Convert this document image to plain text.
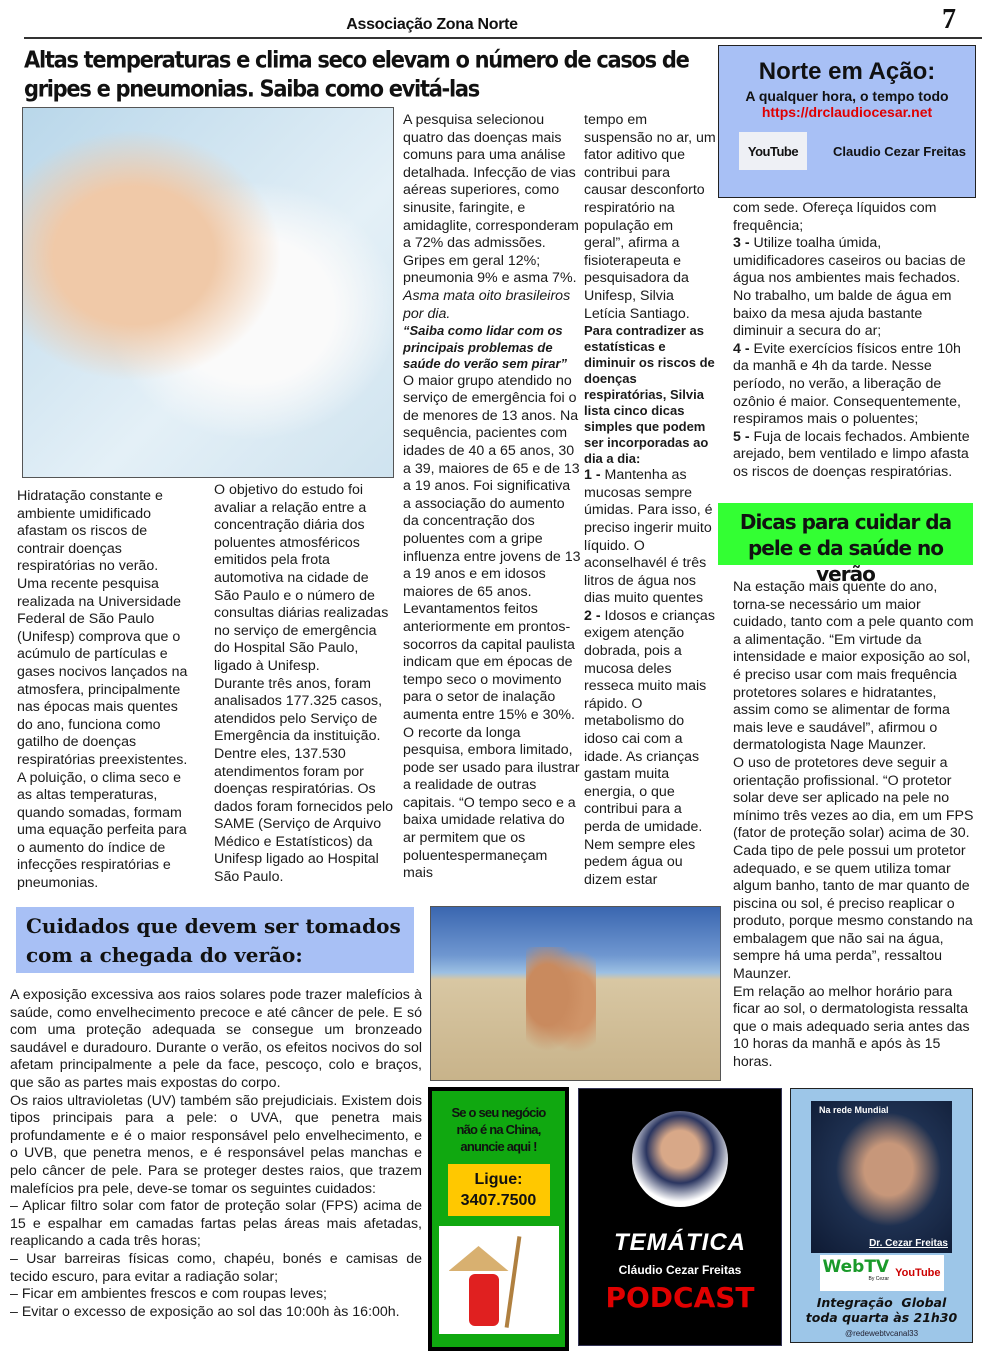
Associação Zona Norte	7
Altas temperaturas e clima seco elevam o número de casos de gripes e pneumonias. Saiba como evitá-las

Hidratação constante e ambiente umidificado afastam os riscos de contrair doenças respiratórias no verão.

Uma recente pesquisa realizada na Universidade Federal de São Paulo (Unifesp) comprova que o acúmulo de partículas e gases nocivos lançados na atmosfera, principalmente nas épocas mais quentes do ano, funciona como gatilho de doenças respiratórias preexistentes.

A poluição, o clima seco e as altas temperaturas, quando somadas, formam uma equação perfeita para o aumento do índice de infecções respiratórias e pneumonias.

O objetivo do estudo foi avaliar a relação entre a concentração diária dos poluentes atmosféricos emitidos pela frota automotiva na cidade de São Paulo e o número de consultas diárias realizadas no serviço de emergência do Hospital São Paulo, ligado à Unifesp.

Durante três anos, foram analisados 177.325 casos, atendidos pelo Serviço de Emergência da instituição. Dentre eles, 137.530 atendimentos foram por doenças respiratórias. Os dados foram fornecidos pelo SAME (Serviço de Arquivo Médico e Estatísticos) da Unifesp ligado ao Hospital São Paulo.

A pesquisa selecionou quatro das doenças mais comuns para uma análise detalhada. Infecção de vias aéreas superiores, como sinusite, faringite, e amidaglite, corresponderam a 72% das admissões. Gripes em geral 12%; pneumonia 9% e asma 7%.

Asma mata oito brasileiros por dia.

“Saiba como lidar com os principais problemas de saúde do verão sem pirar”

O maior grupo atendido no serviço de emergência foi o de menores de 13 anos. Na sequência, pacientes com idades de 40 a 65 anos, 30 a 39, maiores de 65 e de 13 a 19 anos. Foi significativa a associação do aumento da concentração dos poluentes com a gripe influenza entre jovens de 13 a 19 anos e em idosos maiores de 65 anos. Levantamentos feitos anteriormente em prontos-socorros da capital paulista indicam que em épocas de tempo seco o movimento para o setor de inalação aumenta entre 15% e 30%.

O recorte da longa pesquisa, embora limitado, pode ser usado para ilustrar a realidade de outras capitais. “O tempo seco e a baixa umidade relativa do ar permitem que os poluentespermaneçam mais

tempo em suspensão no ar, um fator aditivo que contribui para causar desconforto respiratório na população em geral”, afirma a fisioterapeuta e pesquisadora da Unifesp, Silvia Letícia Santiago.

Para contradizer as estatísticas e diminuir os riscos de doenças respiratórias, Silvia lista cinco dicas simples que podem ser incorporadas ao dia a dia:

1 - Mantenha as mucosas sempre úmidas. Para isso, é preciso ingerir muito líquido. O aconselhavél é três litros de água nos dias muito quentes

2 - Idosos e crianças exigem atenção dobrada, pois a mucosa deles resseca muito mais rápido. O metabolismo do idoso cai com a idade. As crianças gastam muita energia, o que contribui para a perda de umidade. Nem sempre eles pedem água ou dizem estar

com sede. Ofereça líquidos com frequência;

3 - Utilize toalha úmida, umidificadores caseiros ou bacias de água nos ambientes mais fechados. No trabalho, um balde de água em baixo da mesa ajuda bastante diminuir a secura do ar;

4 - Evite exercícios físicos entre 10h da manhã e 4h da tarde. Nesse período, no verão, a liberação de ozônio é maior. Consequentemente, respiramos mais o poluentes;

5 - Fuja de locais fechados. Ambiente arejado, bem ventilado e limpo afasta os riscos de doenças respiratórias.

Norte em Ação:
A qualquer hora, o tempo todo
https://drclaudiocesar.net
YouTube	Claudio Cezar Freitas
Dicas para cuidar da pele e da saúde no verão

Na estação mais quente do ano, torna-se necessário um maior cuidado, tanto com a pele quanto com a alimentação. “Em virtude da intensidade e maior exposição ao sol, é preciso usar com mais frequência protetores solares e hidratantes, assim como se alimentar de forma mais leve e saudável”, afirmou o dermatologista Nage Maunzer.

O uso de protetores deve seguir a orientação profissional. “O protetor solar deve ser aplicado na pele no mínimo três vezes ao dia, em um FPS (fator de proteção solar) acima de 30. Cada tipo de pele possui um protetor adequado, e se quem utiliza tomar algum banho, tanto de mar quanto de piscina ou sol, é preciso reaplicar o produto, porque mesmo constando na embalagem que não sai na água, sempre há uma perda”, ressaltou Maunzer.

Em relação ao melhor horário para ficar ao sol, o dermatologista ressalta que o mais adequado seria antes das 10 horas da manhã e após às 15 horas.

Cuidados que devem ser tomados com a chegada do verão:

A exposição excessiva aos raios solares pode trazer malefícios à saúde, como envelhecimento precoce e até câncer de pele. E só com uma proteção adequada se consegue um bronzeado saudável e duradouro. Durante o verão, os efeitos nocivos do sol afetam principalmente a pele da face, pescoço, colo e braços, que são as partes mais expostas do corpo.

Os raios ultravioletas (UV) também são prejudiciais. Existem dois tipos principais para a pele: o UVA, que penetra mais profundamente e é o maior responsável pelo envelhecimento, e o UVB, que penetra menos, e é responsável pelas manchas e pelo câncer de pele. Para se proteger destes raios, que trazem malefícios pra pele, deve-se tomar os seguintes cuidados:

– Aplicar filtro solar com fator de proteção solar (FPS) acima de 15 e espalhar em camadas fartas pelas áreas mais afetadas, reaplicando a cada três horas;

– Usar barreiras físicas como, chapéu, bonés e camisas de tecido escuro, para evitar a radiação solar;

– Ficar em ambientes frescos e com roupas leves;

– Evitar o excesso de exposição ao sol das 10:00h às 16:00h.

Se o seu negócio
não é na China,
anuncie aqui !
Ligue:
3407.7500
TEMÁTICA
Cláudio Cezar Freitas
PODCAST
Na rede Mundial
Dr. Cezar Freitas
WebTV
By Cezar YouTube
Integração  Global
toda quarta às 21h30
@redewebtvcanal33
